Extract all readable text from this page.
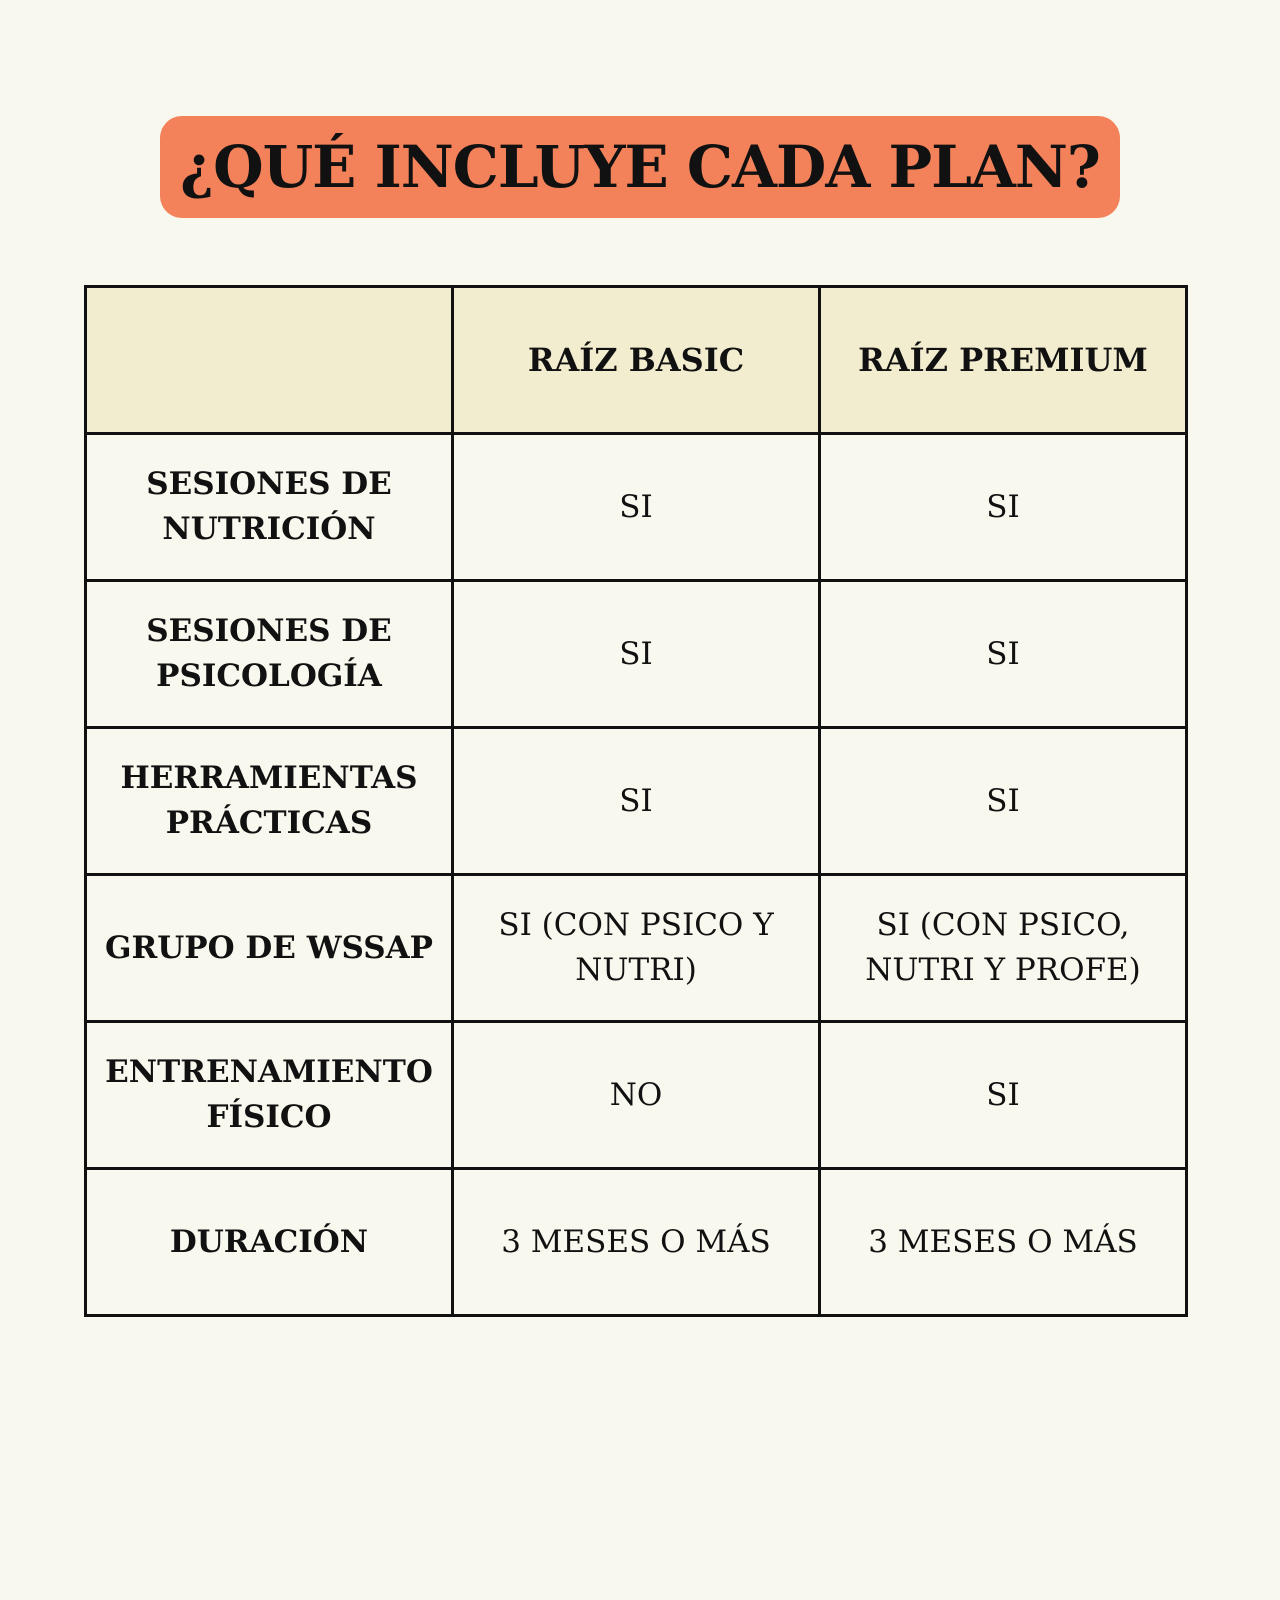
¿QUÉ INCLUYE CADA PLAN?
	RAÍZ BASIC	RAÍZ PREMIUM
SESIONES DE NUTRICIÓN	SI	SI
SESIONES DE PSICOLOGÍA	SI	SI
HERRAMIENTAS PRÁCTICAS	SI	SI
GRUPO DE WSSAP	SI (CON PSICO Y NUTRI)	SI (CON PSICO, NUTRI Y PROFE)
ENTRENAMIENTO FÍSICO	NO	SI
DURACIÓN	3 MESES O MÁS	3 MESES O MÁS
